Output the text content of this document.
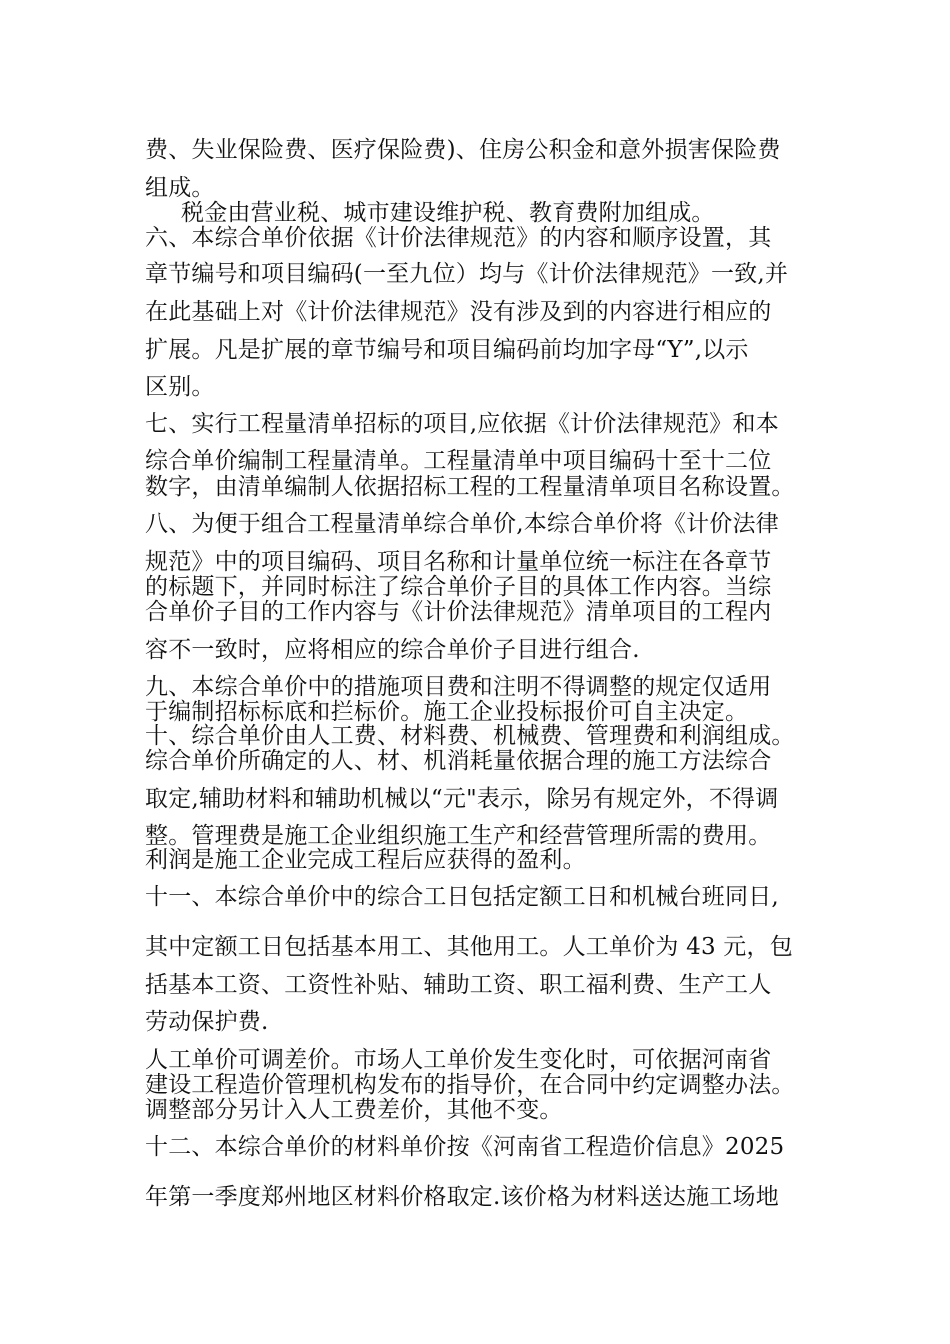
费、失业保险费、医疗保险费)、住房公积金和意外损害保险费

组成。

税金由营业税、城市建设维护税、教育费附加组成。

六、本综合单价依据《计价法律规范》的内容和顺序设置，其

章节编号和项目编码(一至九位）均与《计价法律规范》一致,并

在此基础上对《计价法律规范》没有涉及到的内容进行相应的

扩展。凡是扩展的章节编号和项目编码前均加字母“Y”,以示

区别。

七、实行工程量清单招标的项目,应依据《计价法律规范》和本

综合单价编制工程量清单。工程量清单中项目编码十至十二位

数字，由清单编制人依据招标工程的工程量清单项目名称设置。

八、为便于组合工程量清单综合单价,本综合单价将《计价法律

规范》中的项目编码、项目名称和计量单位统一标注在各章节

的标题下，并同时标注了综合单价子目的具体工作内容。当综

合单价子目的工作内容与《计价法律规范》清单项目的工程内

容不一致时，应将相应的综合单价子目进行组合.

九、本综合单价中的措施项目费和注明不得调整的规定仅适用

于编制招标标底和拦标价。施工企业投标报价可自主决定。

十、综合单价由人工费、材料费、机械费、管理费和利润组成。

综合单价所确定的人、材、机消耗量依据合理的施工方法综合

取定,辅助材料和辅助机械以“元"表示，除另有规定外，不得调

整。管理费是施工企业组织施工生产和经营管理所需的费用。

利润是施工企业完成工程后应获得的盈利。

十一、本综合单价中的综合工日包括定额工日和机械台班同日,

其中定额工日包括基本用工、其他用工。人工单价为 43 元，包

括基本工资、工资性补贴、辅助工资、职工福利费、生产工人

劳动保护费.

人工单价可调差价。市场人工单价发生变化时，可依据河南省

建设工程造价管理机构发布的指导价，在合同中约定调整办法。

调整部分另计入人工费差价，其他不变。

十二、本综合单价的材料单价按《河南省工程造价信息》2025

年第一季度郑州地区材料价格取定.该价格为材料送达施工场地
